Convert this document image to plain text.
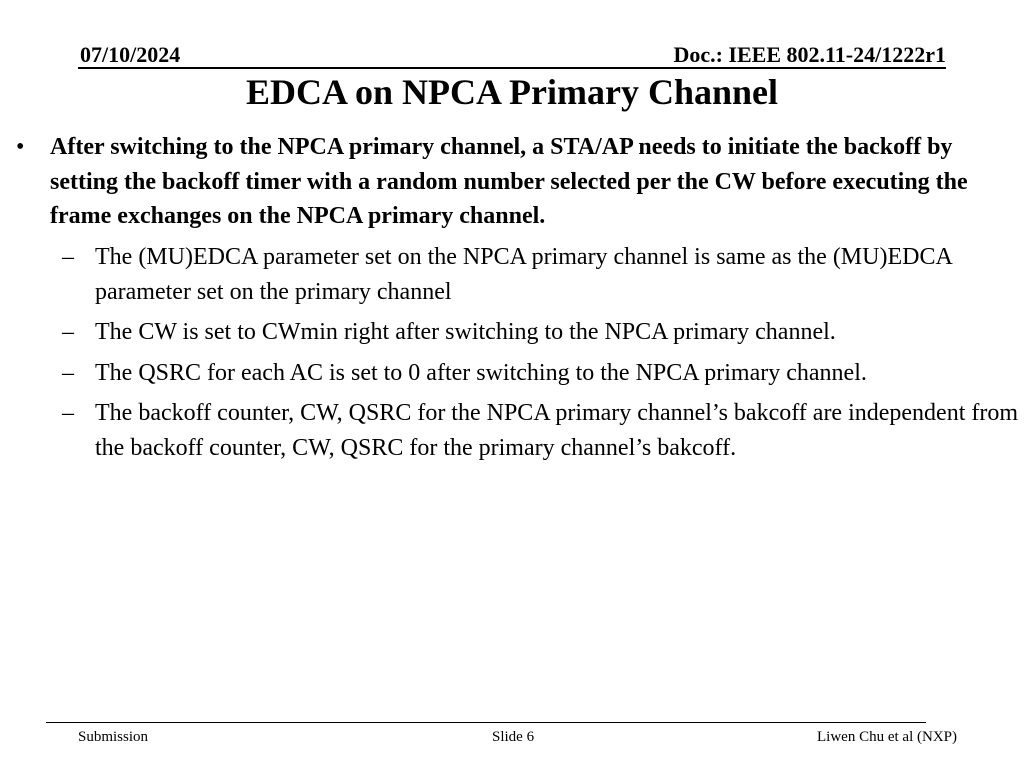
07/10/2024	Doc.: IEEE 802.11-24/1222r1
EDCA on NPCA Primary Channel
• After switching to the NPCA primary channel, a STA/AP needs to initiate the backoff by setting the backoff timer with a random number selected per the CW before executing the frame exchanges on the NPCA primary channel.
– The (MU)EDCA parameter set on the NPCA primary channel is same as the (MU)EDCA parameter set on the primary channel
– The CW is set to CWmin right after switching to the NPCA primary channel.
– The QSRC for each AC is set to 0 after switching to the NPCA primary channel.
– The backoff counter, CW, QSRC for the NPCA primary channel’s bakcoff are independent from the backoff counter, CW, QSRC for the primary channel’s bakcoff.
Submission	Slide 6	Liwen Chu et al (NXP)
